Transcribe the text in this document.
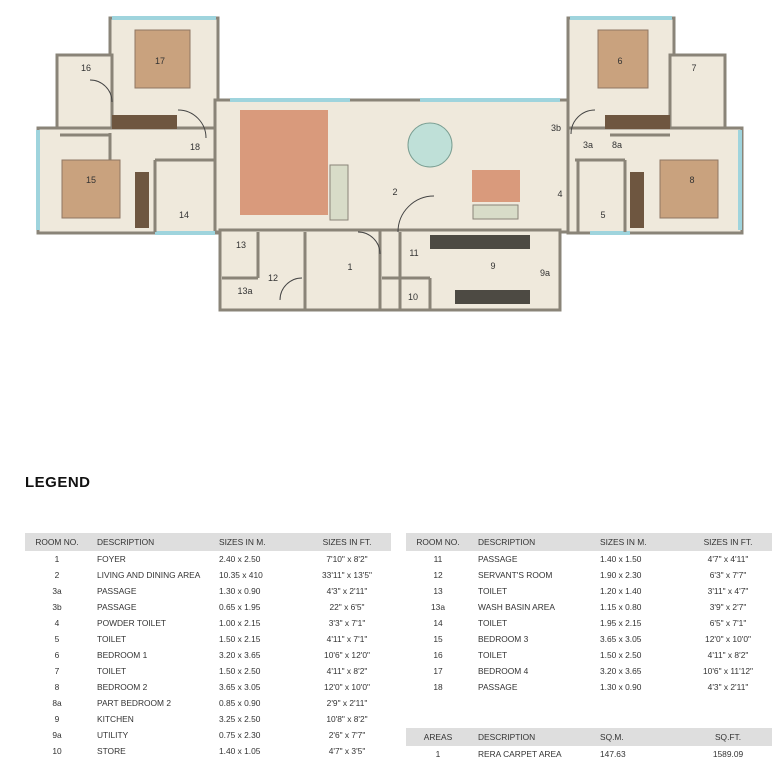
1
2
3a
3b
4
5
6
7
8
8a
9
9a
10
11
12
13
13a
14
15
16
17
18
LEGEND
ROOM NO.	DESCRIPTION	SIZES IN M.	SIZES IN FT.
1	FOYER	2.40 x 2.50	7'10" x 8'2"
2	LIVING AND DINING AREA	10.35 x 410	33'11" x 13'5"
3a	PASSAGE	1.30 x 0.90	4'3" x 2'11"
3b	PASSAGE	0.65 x 1.95	22" x 6'5"
4	POWDER TOILET	1.00 x 2.15	3'3" x 7'1"
5	TOILET	1.50 x 2.15	4'11" x 7'1"
6	BEDROOM 1	3.20 x 3.65	10'6" x 12'0"
7	TOILET	1.50 x 2.50	4'11" x 8'2"
8	BEDROOM 2	3.65 x 3.05	12'0" x 10'0"
8a	PART BEDROOM 2	0.85 x 0.90	2'9" x 2'11"
9	KITCHEN	3.25 x 2.50	10'8" x 8'2"
9a	UTILITY	0.75 x 2.30	2'6" x 7'7"
10	STORE	1.40 x 1.05	4'7" x 3'5"
ROOM NO.	DESCRIPTION	SIZES IN M.	SIZES IN FT.
11	PASSAGE	1.40 x 1.50	4'7" x 4'11"
12	SERVANT'S ROOM	1.90 x 2.30	6'3" x 7'7"
13	TOILET	1.20 x 1.40	3'11" x 4'7"
13a	WASH BASIN AREA	1.15 x 0.80	3'9" x 2'7"
14	TOILET	1.95 x 2.15	6'5" x 7'1"
15	BEDROOM 3	3.65 x 3.05	12'0" x 10'0"
16	TOILET	1.50 x 2.50	4'11" x 8'2"
17	BEDROOM 4	3.20 x 3.65	10'6" x 11'12"
18	PASSAGE	1.30 x 0.90	4'3" x 2'11"
AREAS	DESCRIPTION	SQ.M.	SQ.FT.
1	RERA CARPET AREA	147.63	1589.09
